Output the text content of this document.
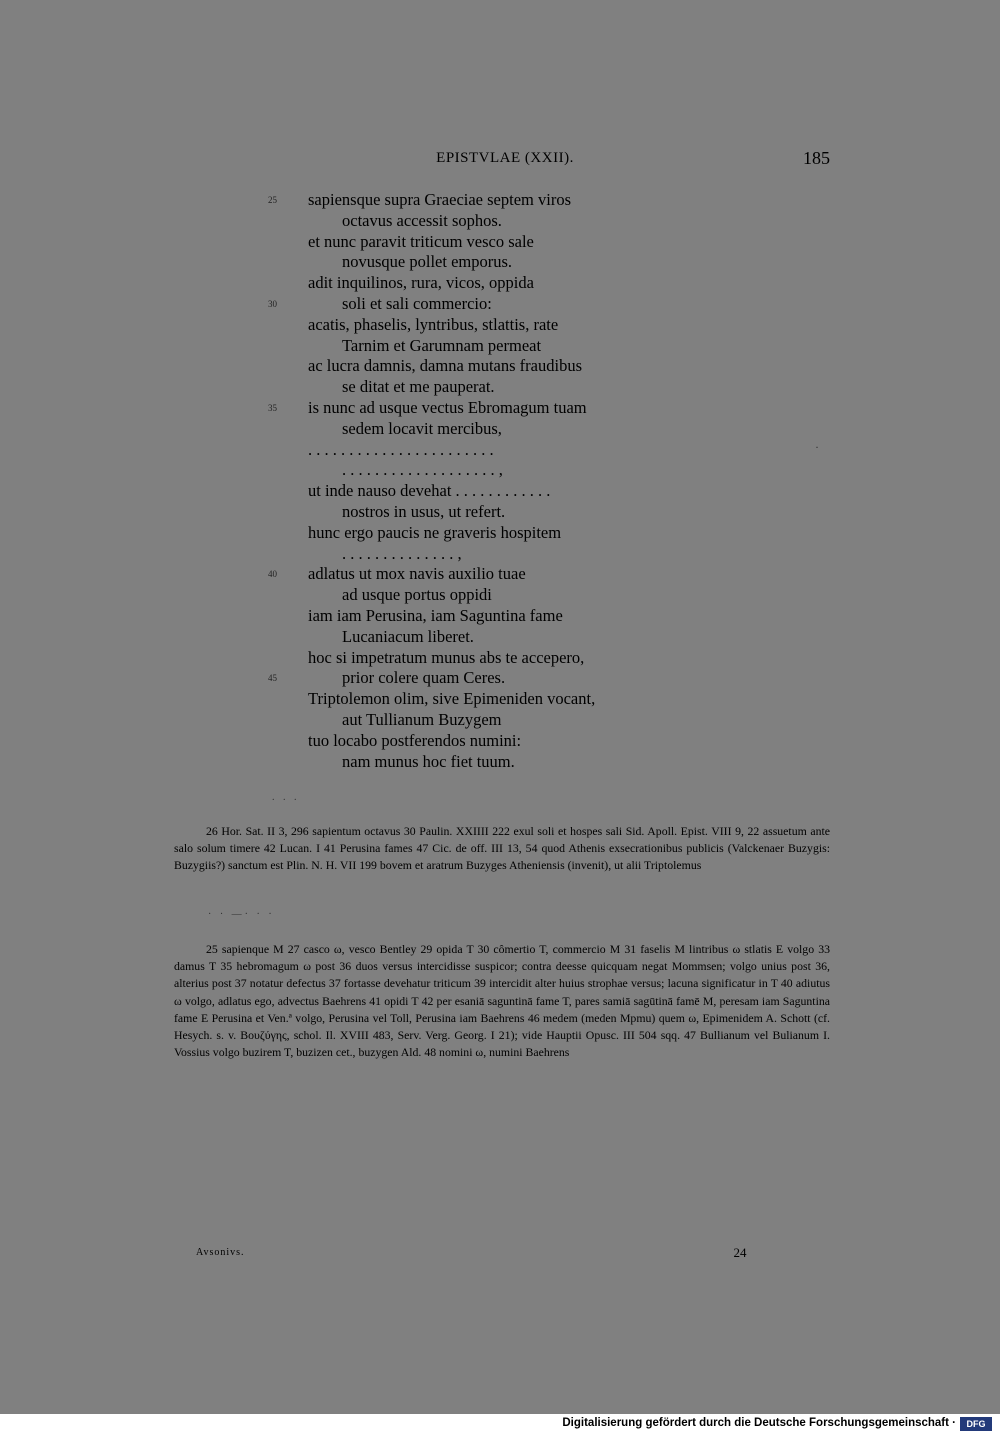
EPISTVLAE (XXII).	185
25	sapiensque supra Graeciae septem viros
octavus accessit sophos.
et nunc paravit triticum vesco sale
novusque pollet emporus.
adit inquilinos, rura, vicos, oppida
30	soli et sali commercio:
acatis, phaselis, lyntribus, stlattis, rate
Tarnim et Garumnam permeat
ac lucra damnis, damna mutans fraudibus
se ditat et me pauperat.
35	is nunc ad usque vectus Ebromagum tuam
sedem locavit mercibus,
. . . . . . . . . . . . . . . . . . . . . . .
. . . . . . . . . . . . . . . . . . . ,
ut inde nauso devehat . . . . . . . . . . . .
nostros in usus, ut refert.
hunc ergo paucis ne graveris hospitem
. . . . . . . . . . . . . . ,
40	adlatus ut mox navis auxilio tuae
ad usque portus oppidi
iam iam Perusina, iam Saguntina fame
Lucaniacum liberet.
hoc si impetratum munus abs te accepero,
45	prior colere quam Ceres.
Triptolemon olim, sive Epimeniden vocant,
aut Tullianum Buzygem
tuo locabo postferendos numini:
nam munus hoc fiet tuum.
·
. . .

26 Hor. Sat. II 3, 296 sapientum octavus 30 Paulin. XXIIII 222 exul soli et hospes sali Sid. Apoll. Epist. VIII 9, 22 assuetum ante salo solum timere 42 Lucan. I 41 Perusina fames 47 Cic. de off. III 13, 54 quod Athenis exsecrationibus publicis (Valckenaer Buzygis: Buzygiis?) sanctum est Plin. N. H. VII 199 bovem et aratrum Buzyges Atheniensis (invenit), ut alii Triptolemus

· · —· · ·

25 sapienque M 27 casco ω, vesco Bentley 29 opida T 30 cômertio T, commercio M 31 faselis M lintribus ω stlatis E volgo 33 damus T 35 hebromagum ω post 36 duos versus intercidisse suspicor; contra deesse quicquam negat Mommsen; volgo unius post 36, alterius post 37 notatur defectus 37 fortasse devehatur triticum 39 intercidit alter huius strophae versus; lacuna significatur in T 40 adiutus ω volgo, adlatus ego, advectus Baehrens 41 opidi T 42 per esaniā saguntinā fame T, pares samiā sagūtinā famē M, peresam iam Saguntina fame E Perusina et Ven.ª volgo, Perusina vel Toll, Perusina iam Baehrens 46 medem (meden Mpmu) quem ω, Epimenidem A. Schott (cf. Hesych. s. v. Βουζύγης, schol. Il. XVIII 483, Serv. Verg. Georg. I 21); vide Hauptii Opusc. III 504 sqq. 47 Bullianum vel Bulianum I. Vossius volgo buzirem T, buzizen cet., buzygen Ald. 48 nomini ω, numini Baehrens

Avsonivs.	24
Digitalisierung gefördert durch die Deutsche Forschungsgemeinschaft ·	DFG
